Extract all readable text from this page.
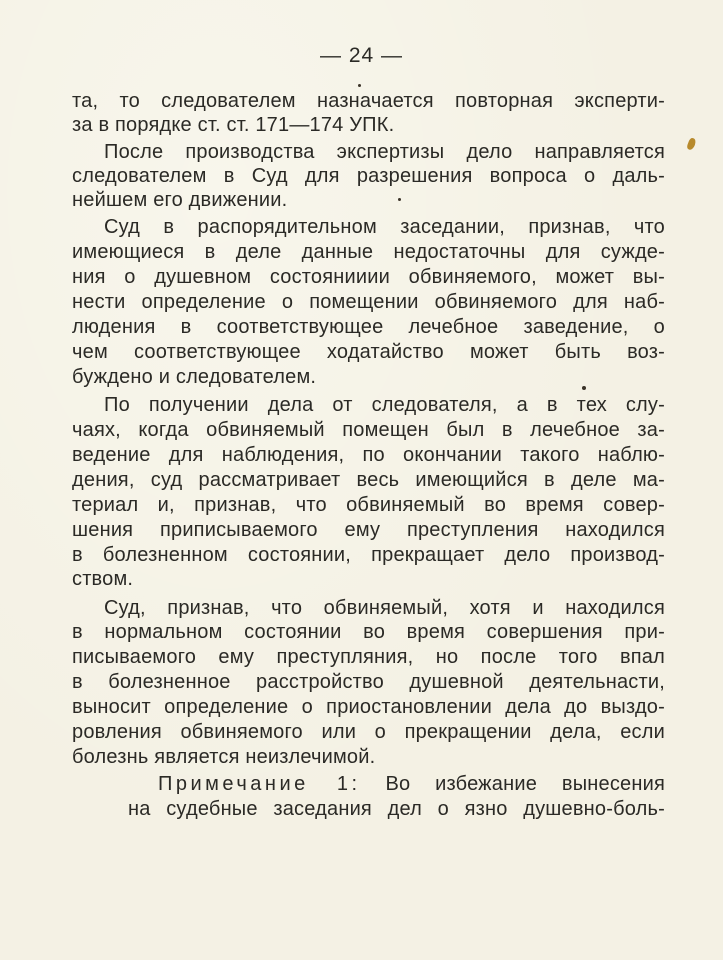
— 24 —
та, то следователем назначается повторная эксперти-
за в порядке ст. ст. 171—174 УПК.
После производства экспертизы дело направляется
следователем в Суд для разрешения вопроса о даль-
нейшем его движении.
Суд в распорядительном заседании, признав, что
имеющиеся в деле данные недостаточны для сужде-
ния о душевном состоянииии обвиняемого, может вы-
нести определение о помещении обвиняемого для наб-
людения в соответствующее лечебное заведение, о
чем соответствующее ходатайство может быть воз-
буждено и следователем.
По получении дела от следователя, а в тех слу-
чаях, когда обвиняемый помещен был в лечебное за-
ведение для наблюдения, по окончании такого наблю-
дения, суд рассматривает весь имеющийся в деле ма-
териал и, признав, что обвиняемый во время совер-
шения приписываемого ему преступления находился
в болезненном состоянии, прекращает дело производ-
ством.
Суд, признав, что обвиняемый, хотя и находился
в нормальном состоянии во время совершения при-
писываемого ему преступляния, но после того впал
в болезненное расстройство душевной деятельнасти,
выносит определение о приостановлении дела до выздо-
ровления обвиняемого или о прекращении дела, если
болезнь является неизлечимой.
Примечание 1: Во избежание вынесения
на судебные заседания дел о язно душевно-боль-
